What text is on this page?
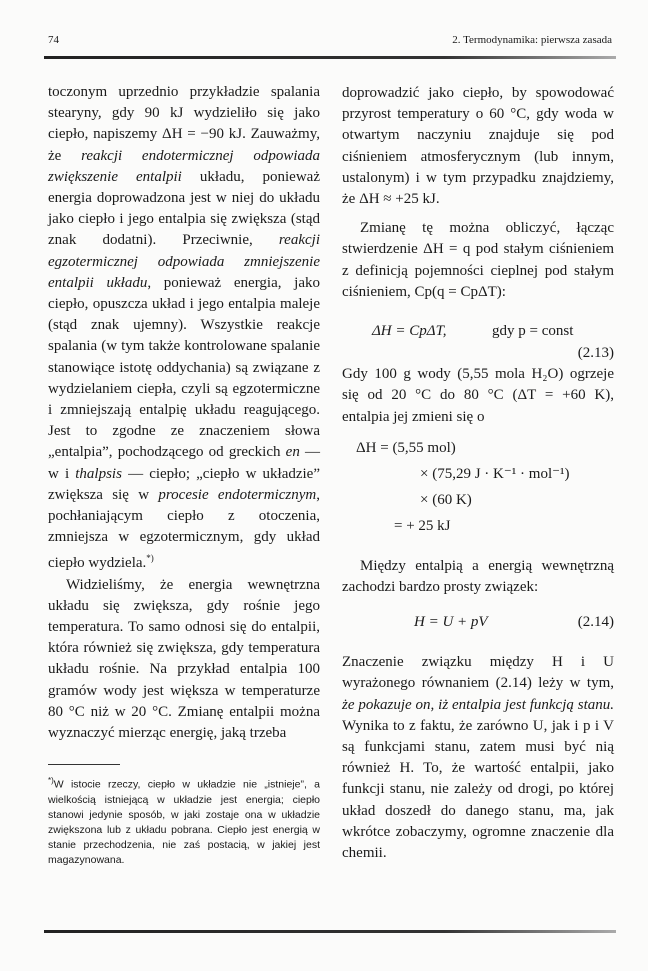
74	2. Termodynamika: pierwsza zasada

toczonym uprzednio przykładzie spalania stearyny, gdy 90 kJ wydzieliło się jako ciepło, napiszemy ΔH = −90 kJ. Zauważmy, że reakcji endotermicznej odpowiada zwiększenie entalpii układu, ponieważ energia doprowadzona jest w niej do układu jako ciepło i jego entalpia się zwiększa (stąd znak dodatni). Przeciwnie, reakcji egzotermicznej odpowiada zmniejszenie entalpii układu, ponieważ energia, jako ciepło, opuszcza układ i jego entalpia maleje (stąd znak ujemny). Wszystkie reakcje spalania (w tym także kontrolowane spalanie stanowiące istotę oddychania) są związane z wydzielaniem ciepła, czyli są egzotermiczne i zmniejszają entalpię układu reagującego. Jest to zgodne ze znaczeniem słowa „entalpia”, pochodzącego od greckich en — w i thalpsis — ciepło; „ciepło w układzie” zwiększa się w procesie endotermicznym, pochłaniającym ciepło z otoczenia, zmniejsza w egzotermicznym, gdy układ ciepło wydziela.*)

Widzieliśmy, że energia wewnętrzna układu się zwiększa, gdy rośnie jego temperatura. To samo odnosi się do entalpii, która również się zwiększa, gdy temperatura układu rośnie. Na przykład entalpia 100 gramów wody jest większa w temperaturze 80 °C niż w 20 °C. Zmianę entalpii można wyznaczyć mierząc energię, jaką trzeba

*)W istocie rzeczy, ciepło w układzie nie „istnieje”, a wielkością istniejącą w układzie jest energia; ciepło stanowi jedynie sposób, w jaki zostaje ona w układzie zwiększona lub z układu pobrana. Ciepło jest energią w stanie przechodzenia, nie zaś postacią, w jakiej jest magazynowana.

doprowadzić jako ciepło, by spowodować przyrost temperatury o 60 °C, gdy woda w otwartym naczyniu znajduje się pod ciśnieniem atmosferycznym (lub innym, ustalonym) i w tym przypadku znajdziemy, że ΔH ≈ +25 kJ.

Zmianę tę można obliczyć, łącząc stwierdzenie ΔH = q pod stałym ciśnieniem z definicją pojemności cieplnej pod stałym ciśnieniem, Cp(q = CpΔT):

ΔH = CpΔT,	gdy p = const
(2.13)

Gdy 100 g wody (5,55 mola H₂O) ogrzeje się od 20 °C do 80 °C (ΔT = +60 K), entalpia jej zmieni się o

ΔH = (5,55 mol)
× (75,29 J · K⁻¹ · mol⁻¹)
× (60 K)
= + 25 kJ

Między entalpią a energią wewnętrzną zachodzi bardzo prosty związek:

H = U + pV	(2.14)

Znaczenie związku między H i U wyrażonego równaniem (2.14) leży w tym, że pokazuje on, iż entalpia jest funkcją stanu. Wynika to z faktu, że zarówno U, jak i p i V są funkcjami stanu, zatem musi być nią również H. To, że wartość entalpii, jako funkcji stanu, nie zależy od drogi, po której układ doszedł do danego stanu, ma, jak wkrótce zobaczymy, ogromne znaczenie dla chemii.
